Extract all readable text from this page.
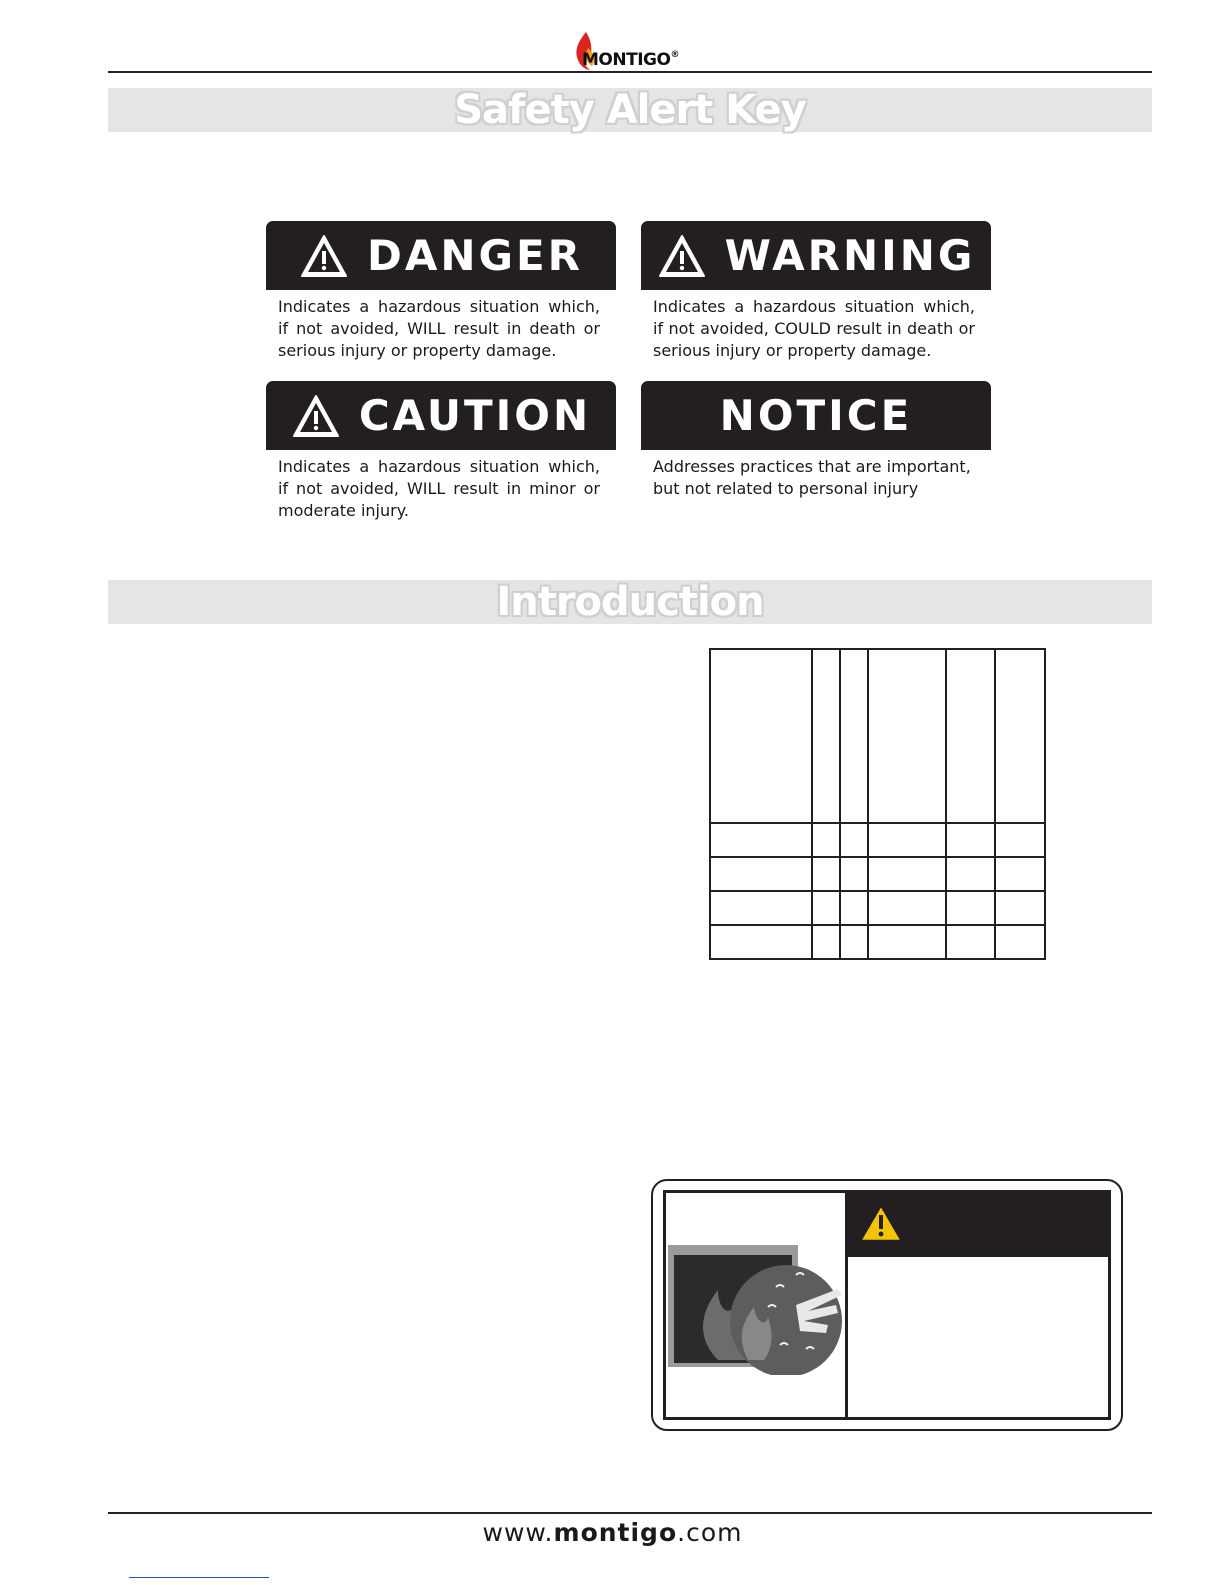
MONTIGO®
Safety Alert Key
DANGER

Indicates a hazardous situation which, if not avoided, WILL result in death or serious injury or property damage.

WARNING

Indicates a hazardous situation which, if not avoided, COULD result in death or serious injury or property damage.

CAUTION

Indicates a hazardous situation which, if not avoided, WILL result in minor or moderate injury.

NOTICE

Addresses practices that are important, but not related to personal injury

Introduction

www.montigo.com
